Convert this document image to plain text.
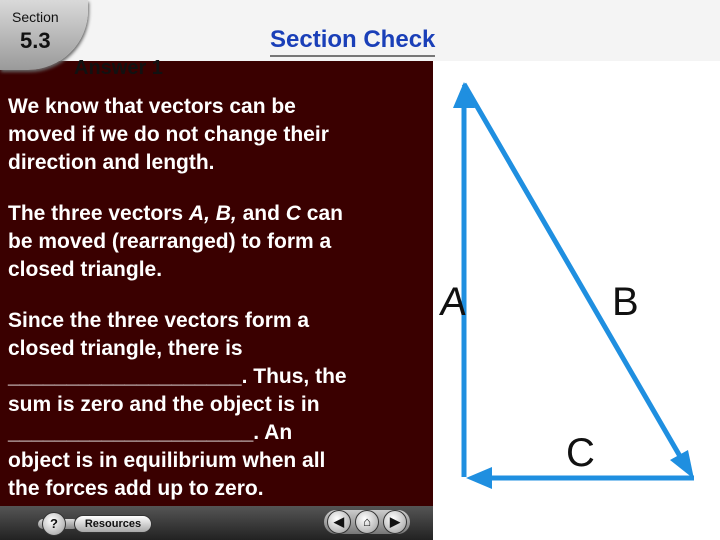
Section
5.3	Section Check
Answer 1

We know that vectors can be
moved if we do not change their
direction and length.

The three vectors A, B, and C can
be moved (rearranged) to form a
closed triangle.

Since the three vectors form a
closed triangle, there is
____________________. Thus, the
sum is zero and the object is in
_____________________. An
object is in equilibrium when all
the forces add up to zero.

A	B
C
?	Resources	◀	⌂	▶
